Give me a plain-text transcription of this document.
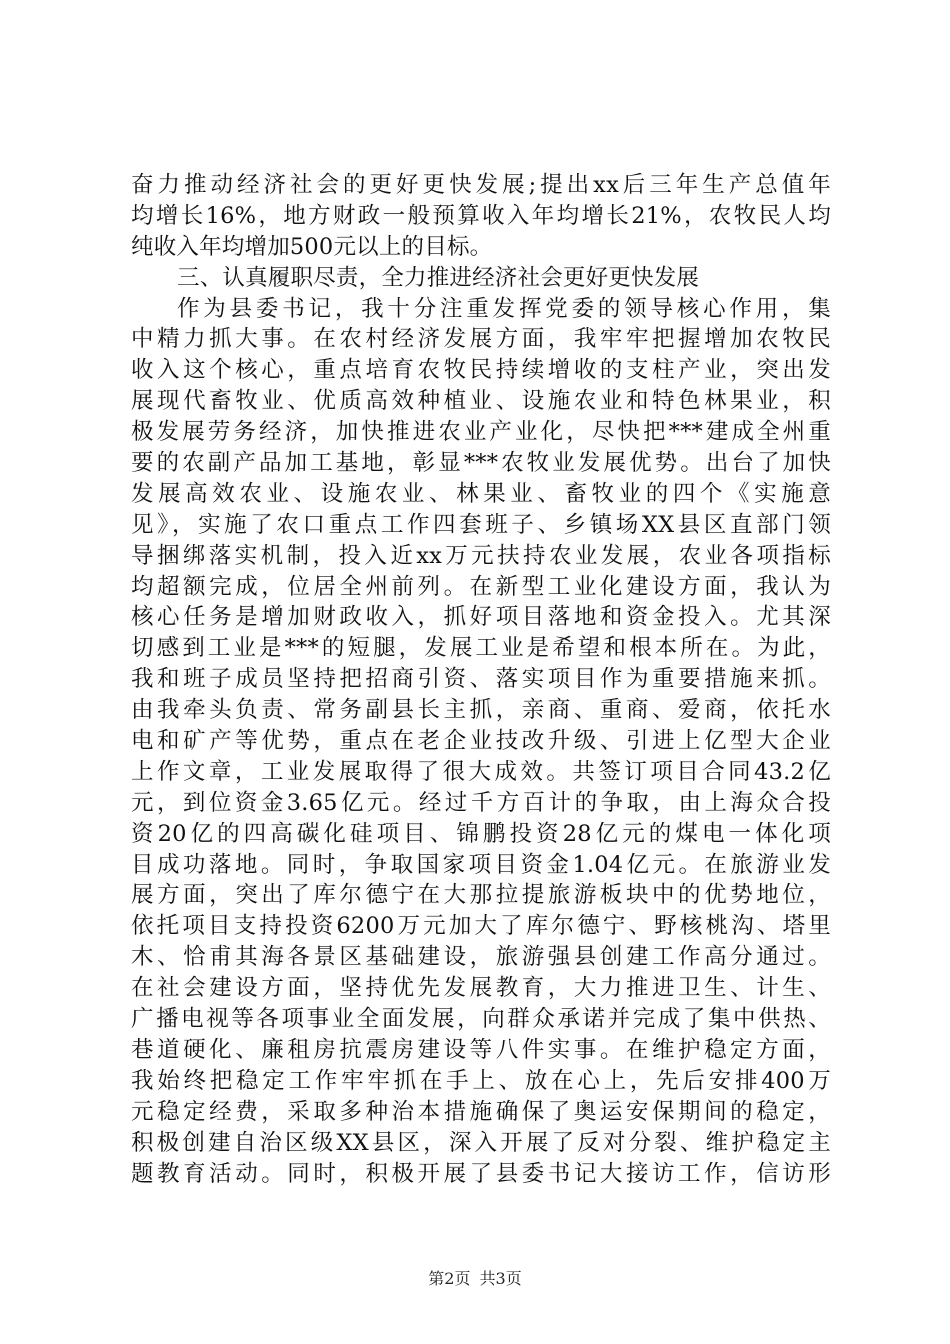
奋力推动经济社会的更好更快发展;提出xx后三年生产总值年
均增长16%，地方财政一般预算收入年均增长21%，农牧民人均
纯收入年均增加500元以上的目标。
三、认真履职尽责，全力推进经济社会更好更快发展
作为县委书记，我十分注重发挥党委的领导核心作用，集
中精力抓大事。在农村经济发展方面，我牢牢把握增加农牧民
收入这个核心，重点培育农牧民持续增收的支柱产业，突出发
展现代畜牧业、优质高效种植业、设施农业和特色林果业，积
极发展劳务经济，加快推进农业产业化，尽快把***建成全州重
要的农副产品加工基地，彰显***农牧业发展优势。出台了加快
发展高效农业、设施农业、林果业、畜牧业的四个《实施意
见》，实施了农口重点工作四套班子、乡镇场XX县区直部门领
导捆绑落实机制，投入近xx万元扶持农业发展，农业各项指标
均超额完成，位居全州前列。在新型工业化建设方面，我认为
核心任务是增加财政收入，抓好项目落地和资金投入。尤其深
切感到工业是***的短腿，发展工业是希望和根本所在。为此，
我和班子成员坚持把招商引资、落实项目作为重要措施来抓。
由我牵头负责、常务副县长主抓，亲商、重商、爱商，依托水
电和矿产等优势，重点在老企业技改升级、引进上亿型大企业
上作文章，工业发展取得了很大成效。共签订项目合同43.2亿
元，到位资金3.65亿元。经过千方百计的争取，由上海众合投
资20亿的四高碳化硅项目、锦鹏投资28亿元的煤电一体化项
目成功落地。同时，争取国家项目资金1.04亿元。在旅游业发
展方面，突出了库尔德宁在大那拉提旅游板块中的优势地位，
依托项目支持投资6200万元加大了库尔德宁、野核桃沟、塔里
木、恰甫其海各景区基础建设，旅游强县创建工作高分通过。
在社会建设方面，坚持优先发展教育，大力推进卫生、计生、
广播电视等各项事业全面发展，向群众承诺并完成了集中供热、
巷道硬化、廉租房抗震房建设等八件实事。在维护稳定方面，
我始终把稳定工作牢牢抓在手上、放在心上，先后安排400万
元稳定经费，采取多种治本措施确保了奥运安保期间的稳定，
积极创建自治区级XX县区，深入开展了反对分裂、维护稳定主
题教育活动。同时，积极开展了县委书记大接访工作，信访形
第2页 共3页
